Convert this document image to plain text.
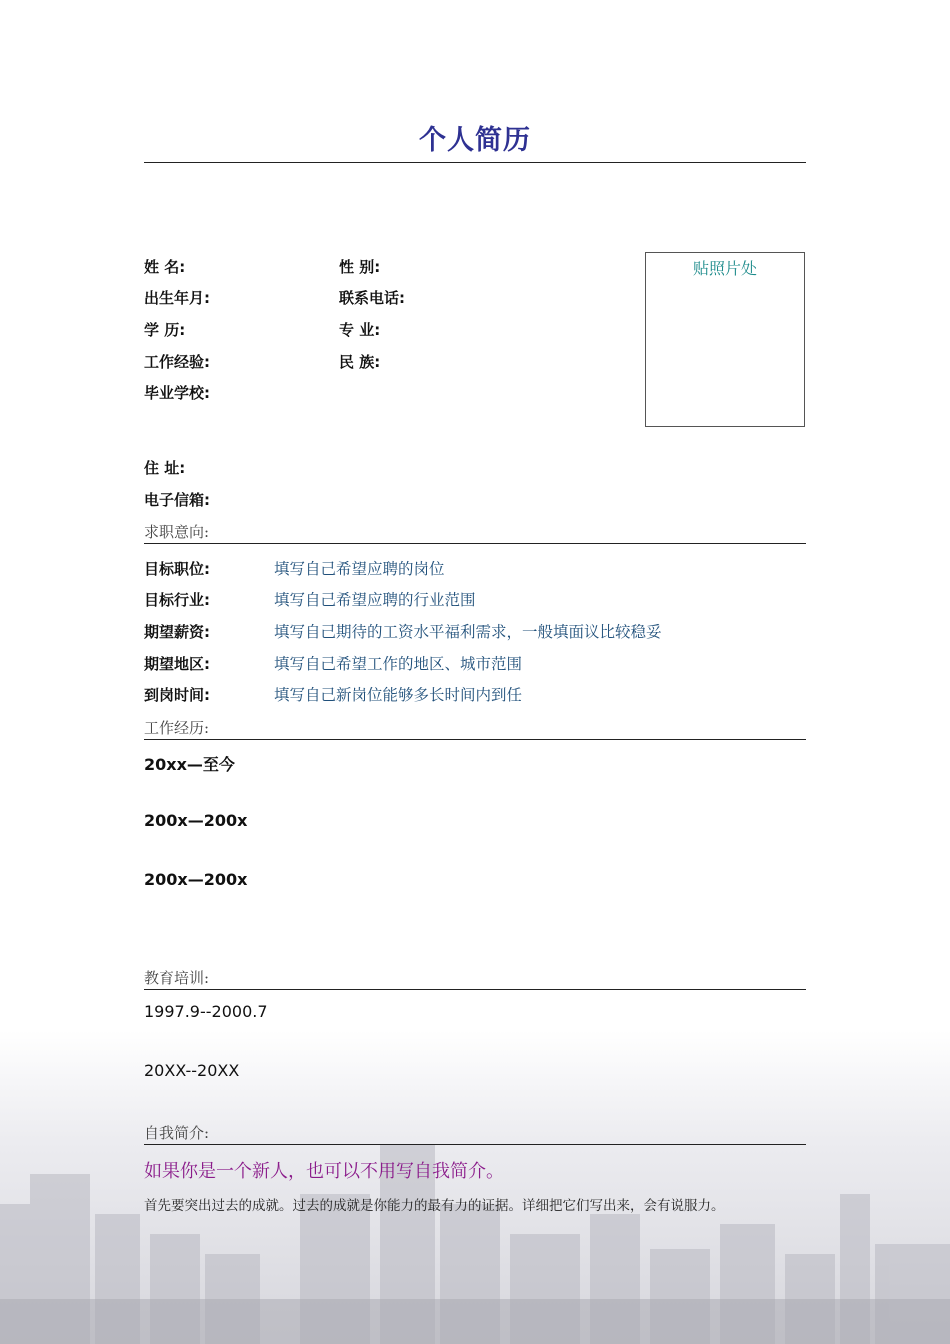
个人简历
姓 名:	性 别:
出生年月:	联系电话:
学 历:	专 业:
工作经验:	民 族:
毕业学校:
贴照片处
住 址:
电子信箱:
求职意向:
目标职位:	填写自己希望应聘的岗位
目标行业:	填写自己希望应聘的行业范围
期望薪资:	填写自己期待的工资水平福利需求，一般填面议比较稳妥
期望地区:	填写自己希望工作的地区、城市范围
到岗时间:	填写自己新岗位能够多长时间内到任
工作经历:
20xx—至今
200x—200x
200x—200x
教育培训:
1997.9--2000.7
20XX--20XX
自我简介:
如果你是一个新人，也可以不用写自我简介。
首先要突出过去的成就。过去的成就是你能力的最有力的证据。详细把它们写出来，会有说服力。
